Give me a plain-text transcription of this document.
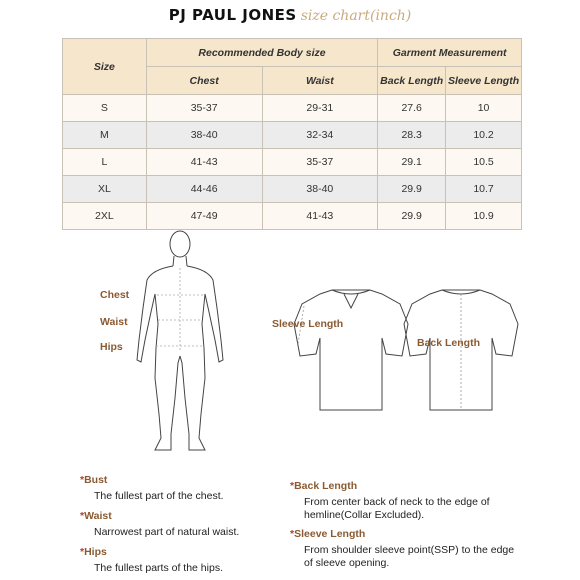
PJ PAUL JONES size chart(inch)
Size	Recommended Body size		Garment Measurement	
	Chest	Waist	Back Length	Sleeve Length
S	35-37	29-31	27.6	10
M	38-40	32-34	28.3	10.2
L	41-43	35-37	29.1	10.5
XL	44-46	38-40	29.9	10.7
2XL	47-49	41-43	29.9	10.9
Chest
Waist
Hips
Sleeve Length
Back Length
*Bust
The fullest part of the chest.
*Waist
Narrowest part of natural waist.
*Hips
The fullest parts of the hips.
*Back Length
From center back of neck to the edge of hemline(Collar Excluded).
*Sleeve Length
From shoulder sleeve point(SSP) to the edge of sleeve opening.
